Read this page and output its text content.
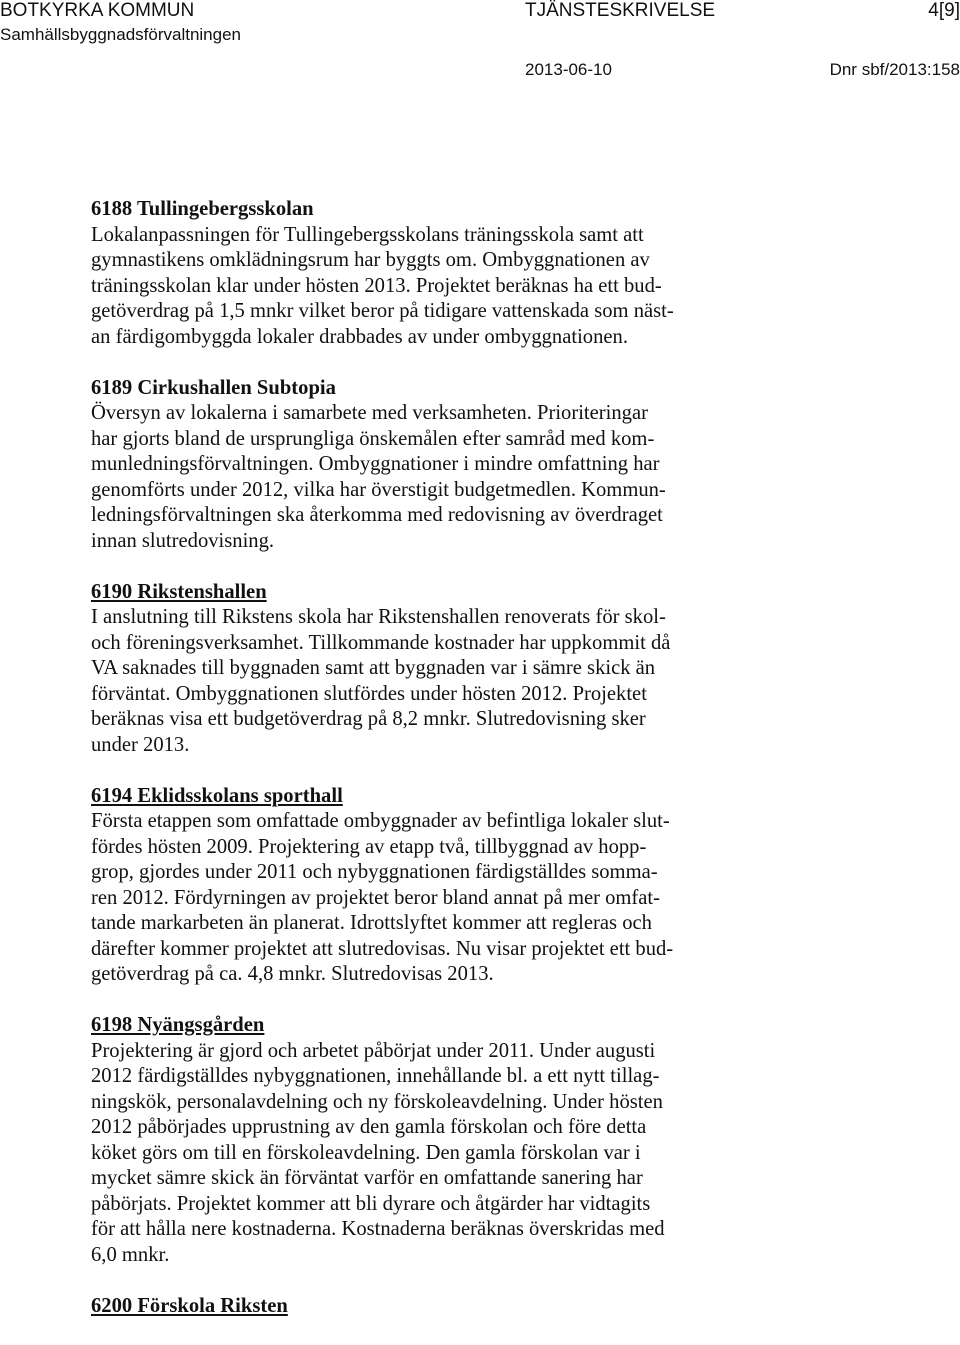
BOTKYRKA KOMMUN	TJÄNSTESKRIVELSE	4[9]
Samhällsbyggnadsförvaltningen
2013-06-10	Dnr sbf/2013:158
6188 Tullingebergsskolan
Lokalanpassningen för Tullingebergsskolans träningsskola samt att
gymnastikens omklädningsrum har byggts om. Ombyggnationen av
träningsskolan klar under hösten 2013. Projektet beräknas ha ett bud-
getöverdrag på 1,5 mnkr vilket beror på tidigare vattenskada som näst-
an färdigombyggda lokaler drabbades av under ombyggnationen.
6189 Cirkushallen Subtopia
Översyn av lokalerna i samarbete med verksamheten. Prioriteringar
har gjorts bland de ursprungliga önskemålen efter samråd med kom-
munledningsförvaltningen. Ombyggnationer i mindre omfattning har
genomförts under 2012, vilka har överstigit budgetmedlen. Kommun-
ledningsförvaltningen ska återkomma med redovisning av överdraget
innan slutredovisning.
6190 Rikstenshallen
I anslutning till Rikstens skola har Rikstenshallen renoverats för skol-
och föreningsverksamhet. Tillkommande kostnader har uppkommit då
VA saknades till byggnaden samt att byggnaden var i sämre skick än
förväntat. Ombyggnationen slutfördes under hösten 2012. Projektet
beräknas visa ett budgetöverdrag på 8,2 mnkr. Slutredovisning sker
under 2013.
6194 Eklidsskolans sporthall
Första etappen som omfattade ombyggnader av befintliga lokaler slut-
fördes hösten 2009. Projektering av etapp två, tillbyggnad av hopp-
grop, gjordes under 2011 och nybyggnationen färdigställdes somma-
ren 2012. Fördyrningen av projektet beror bland annat på mer omfat-
tande markarbeten än planerat. Idrottslyftet kommer att regleras och
därefter kommer projektet att slutredovisas. Nu visar projektet ett bud-
getöverdrag på ca. 4,8 mnkr. Slutredovisas 2013.
6198 Nyängsgården
Projektering är gjord och arbetet påbörjat under 2011. Under augusti
2012 färdigställdes nybyggnationen, innehållande bl. a ett nytt tillag-
ningskök, personalavdelning och ny förskoleavdelning. Under hösten
2012 påbörjades upprustning av den gamla förskolan och före detta
köket görs om till en förskoleavdelning. Den gamla förskolan var i
mycket sämre skick än förväntat varför en omfattande sanering har
påbörjats. Projektet kommer att bli dyrare och åtgärder har vidtagits
för att hålla nere kostnaderna. Kostnaderna beräknas överskridas med
6,0 mnkr.
6200 Förskola Riksten
